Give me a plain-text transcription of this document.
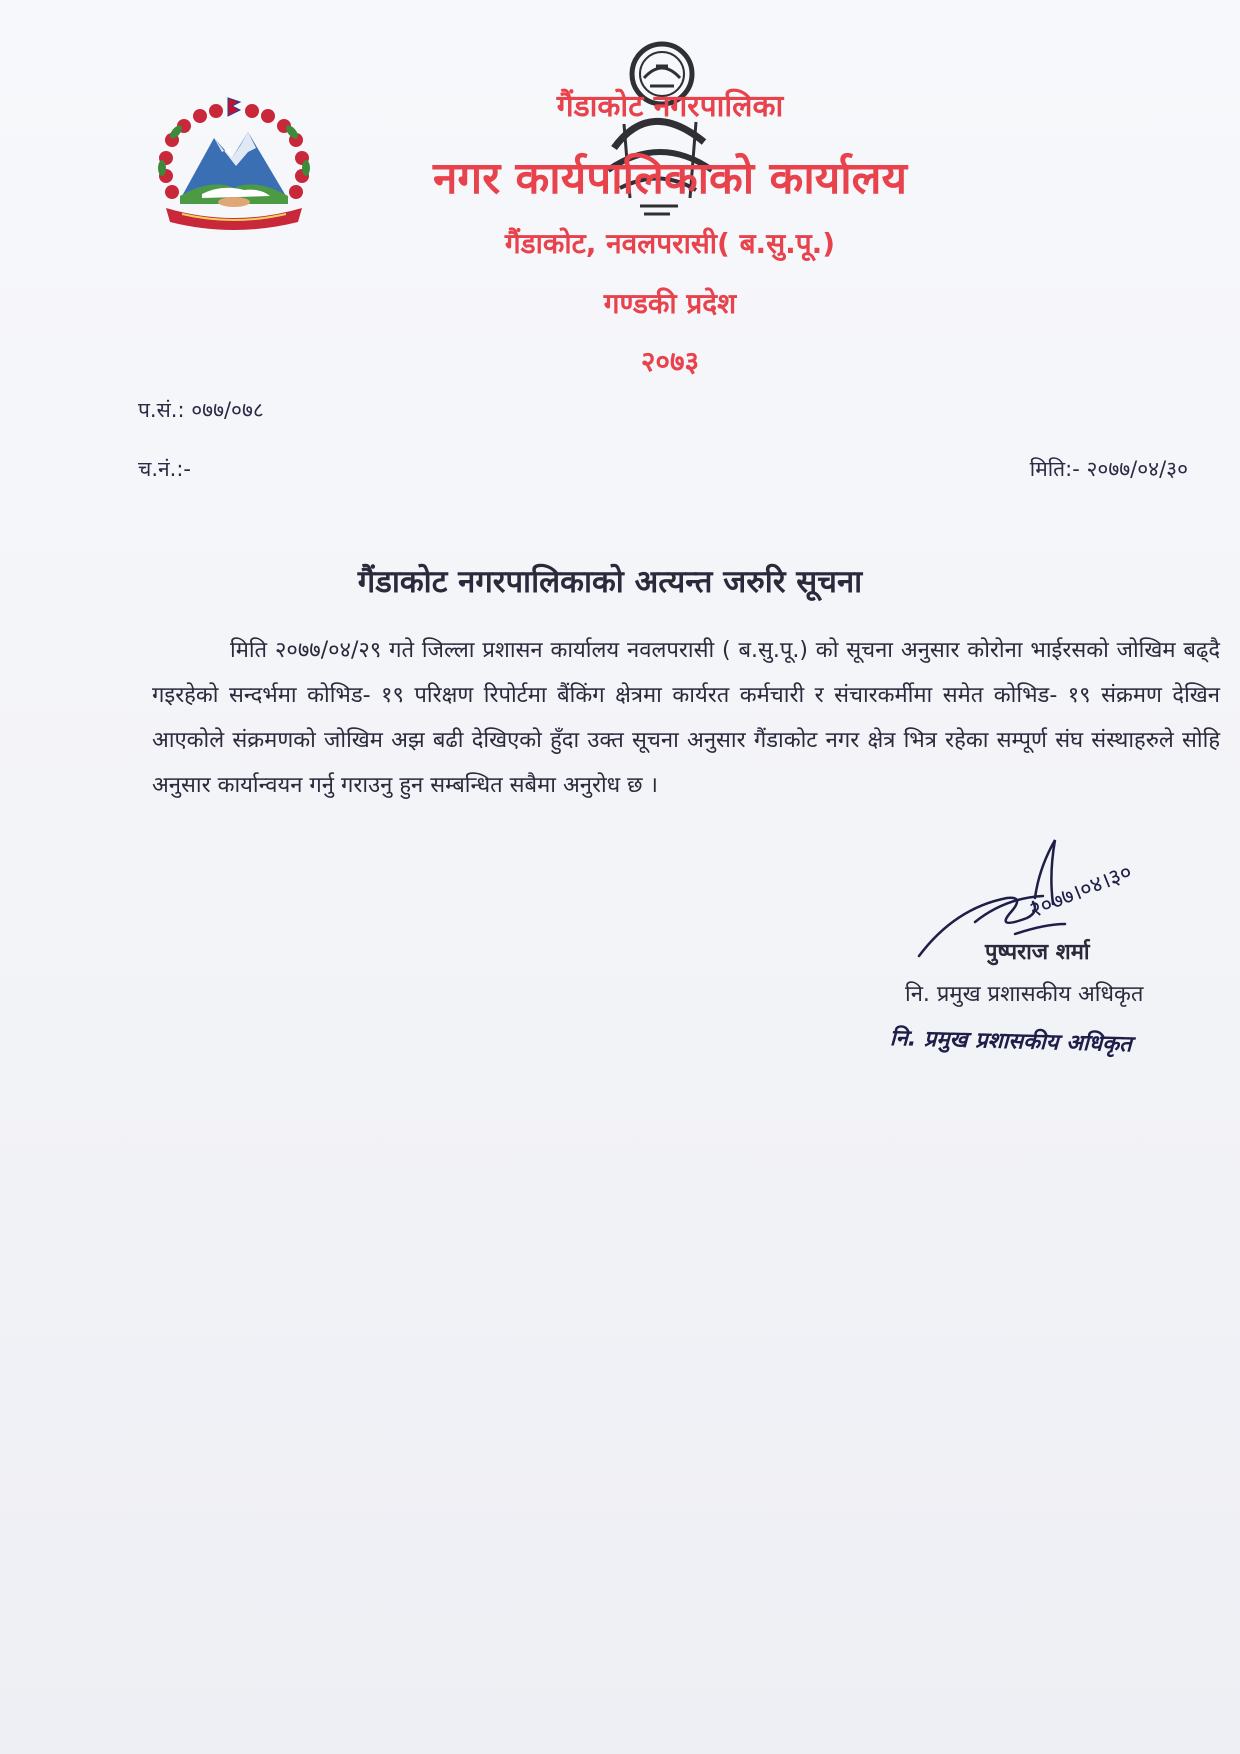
गैंडाकोट नगरपालिका
नगर कार्यपालिकाको कार्यालय
गैंडाकोट, नवलपरासी( ब.सु.पू.)
गण्डकी प्रदेश
२०७३
प.सं.: ०७७/०७८
च.नं.:-	मिति:- २०७७/०४/३०
गैंडाकोट नगरपालिकाको अत्यन्त जरुरि सूचना
मिति २०७७/०४/२९ गते जिल्ला प्रशासन कार्यालय नवलपरासी ( ब.सु.पू.) को सूचना अनुसार कोरोना भाईरसको जोखिम बढ्दै गइरहेको सन्दर्भमा कोभिड- १९ परिक्षण रिपोर्टमा बैंकिंग क्षेत्रमा कार्यरत कर्मचारी र संचारकर्मीमा समेत कोभिड- १९ संक्रमण देखिन आएकोले संक्रमणको जोखिम अझ बढी देखिएको हुँदा उक्त सूचना अनुसार गैंडाकोट नगर क्षेत्र भित्र रहेका सम्पूर्ण संघ संस्थाहरुले सोहि अनुसार कार्यान्वयन गर्नु गराउनु हुन सम्बन्धित सबैमा अनुरोध छ ।
२०७७।०४।३०
पुष्पराज शर्मा
नि. प्रमुख प्रशासकीय अधिकृत
नि. प्रमुख प्रशासकीय अधिकृत
